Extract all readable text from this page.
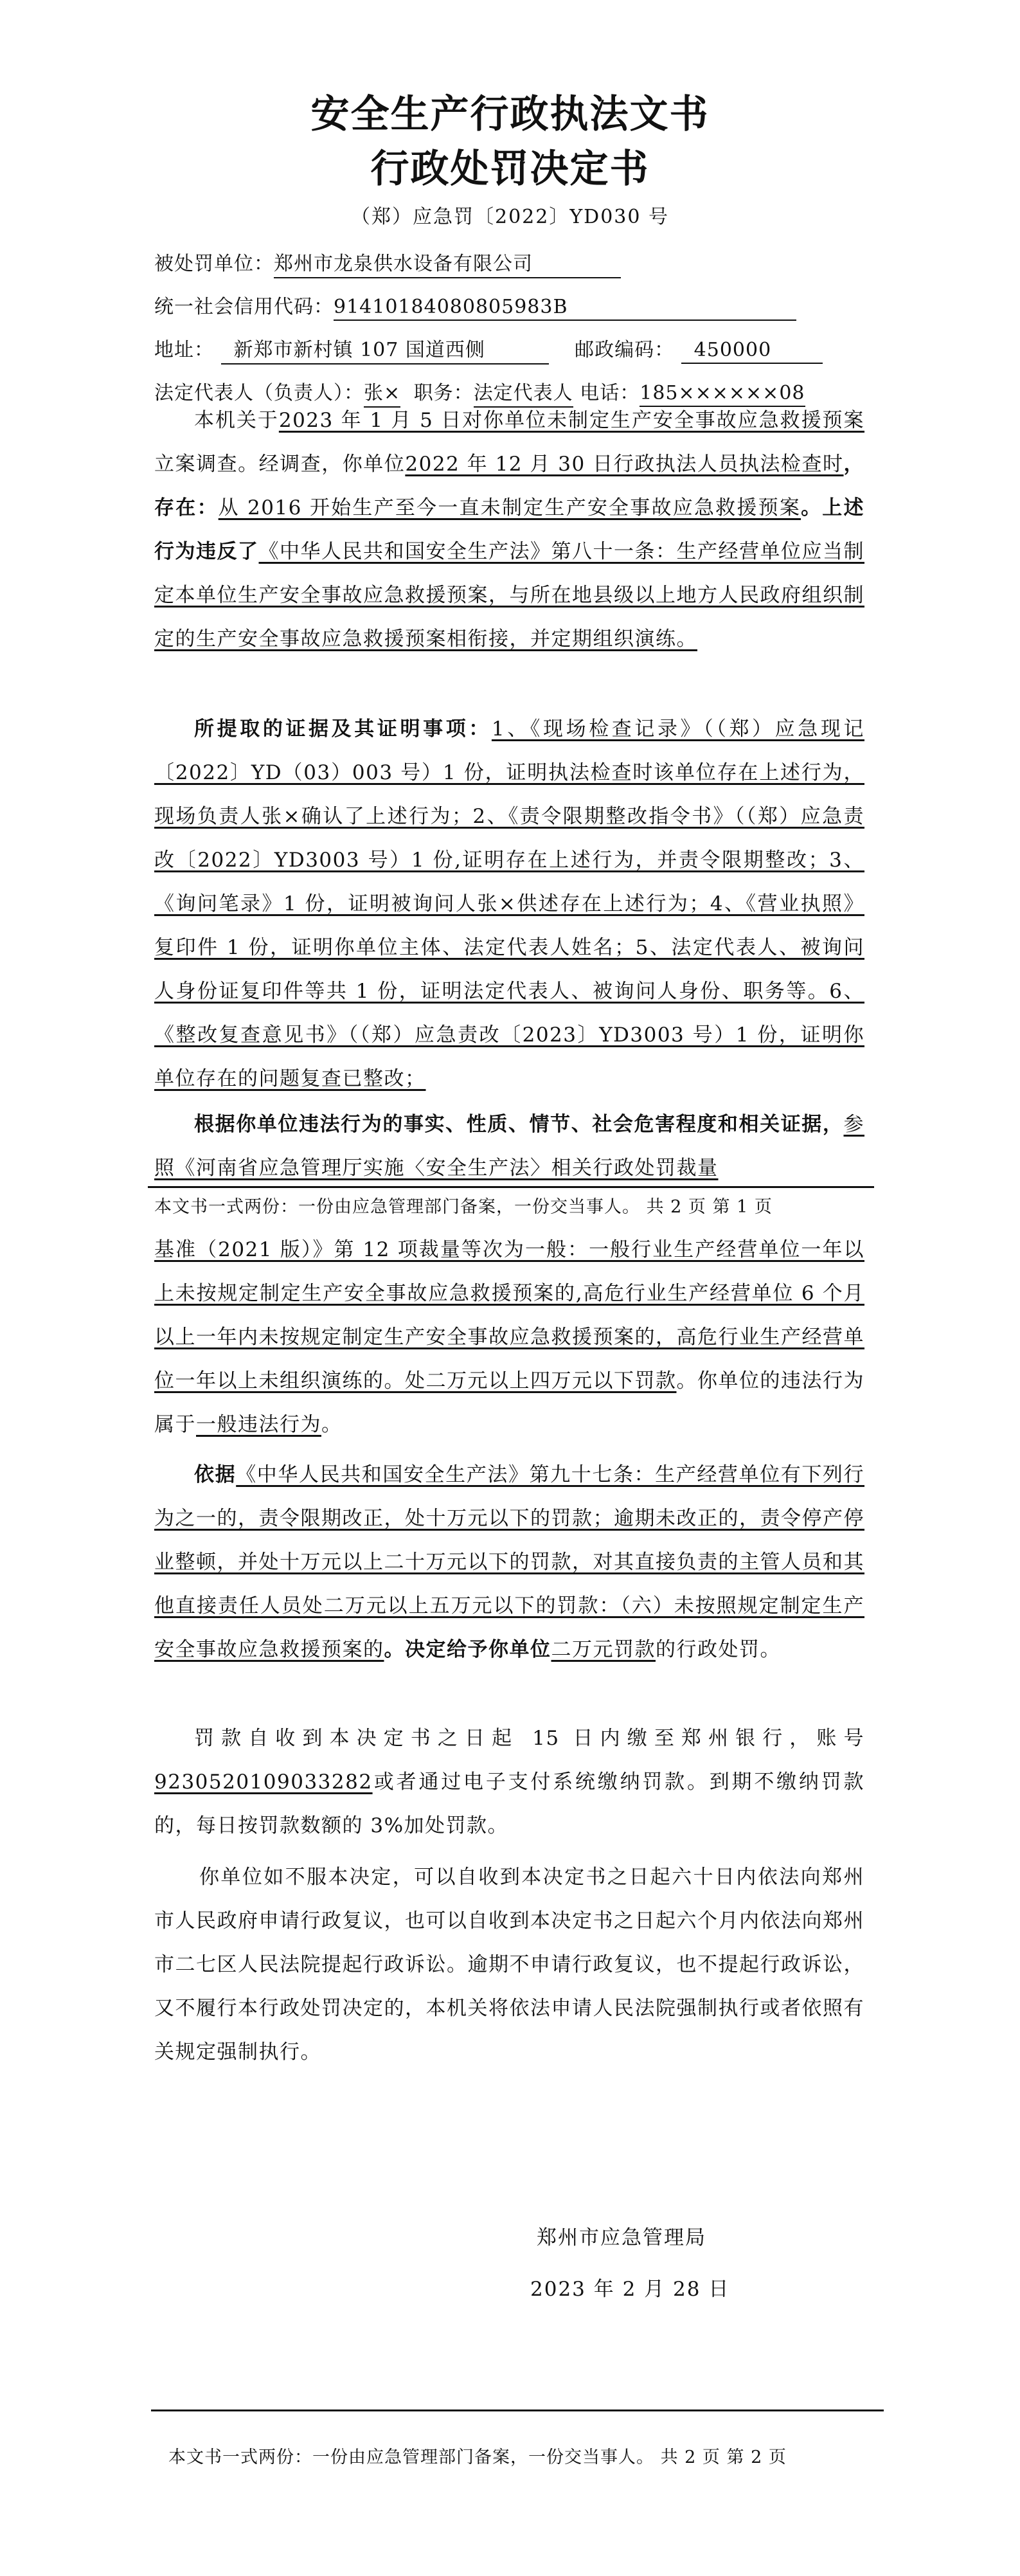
安全生产行政执法文书
行政处罚决定书
（郑）应急罚〔2022〕YD030 号
被处罚单位：郑州市龙泉供水设备有限公司
统一社会信用代码：91410184080805983B
地址： 新郑市新村镇 107 国道西侧	邮政编码： 450000
法定代表人（负责人）：张× 职务：法定代表人 电话：185××××××08

本机关于2023 年 1 月 5 日对你单位未制定生产安全事故应急救援预案立案调查。经调查，你单位2022 年 12 月 30 日行政执法人员执法检查时，存在：从 2016 开始生产至今一直未制定生产安全事故应急救援预案。上述行为违反了《中华人民共和国安全生产法》第八十一条：生产经营单位应当制定本单位生产安全事故应急救援预案，与所在地县级以上地方人民政府组织制定的生产安全事故应急救援预案相衔接，并定期组织演练。

所提取的证据及其证明事项：1、《现场检查记录》（（郑）应急现记〔2022〕YD（03）003 号）1 份，证明执法检查时该单位存在上述行为，现场负责人张×确认了上述行为；2、《责令限期整改指令书》（（郑）应急责改〔2022〕YD3003 号）1 份,证明存在上述行为，并责令限期整改；3、《询问笔录》1 份，证明被询问人张×供述存在上述行为；4、《营业执照》复印件 1 份，证明你单位主体、法定代表人姓名；5、法定代表人、被询问人身份证复印件等共 1 份，证明法定代表人、被询问人身份、职务等。6、《整改复查意见书》（（郑）应急责改〔2023〕YD3003 号）1 份，证明你单位存在的问题复查已整改；

根据你单位违法行为的事实、性质、情节、社会危害程度和相关证据，参照《河南省应急管理厅实施〈安全生产法〉相关行政处罚裁量

本文书一式两份：一份由应急管理部门备案，一份交当事人。 共 2 页 第 1 页

基准（2021 版）》第 12 项裁量等次为一般：一般行业生产经营单位一年以上未按规定制定生产安全事故应急救援预案的,高危行业生产经营单位 6 个月以上一年内未按规定制定生产安全事故应急救援预案的，高危行业生产经营单位一年以上未组织演练的。处二万元以上四万元以下罚款。你单位的违法行为属于一般违法行为。

依据《中华人民共和国安全生产法》第九十七条：生产经营单位有下列行为之一的，责令限期改正，处十万元以下的罚款；逾期未改正的，责令停产停业整顿，并处十万元以上二十万元以下的罚款，对其直接负责的主管人员和其他直接责任人员处二万元以上五万元以下的罚款：（六）未按照规定制定生产安全事故应急救援预案的。决定给予你单位二万元罚款的行政处罚。

罚款自收到本决定书之日起 15 日内缴至郑州银行，账号9230520109033282或者通过电子支付系统缴纳罚款。到期不缴纳罚款的，每日按罚款数额的 3%加处罚款。

你单位如不服本决定，可以自收到本决定书之日起六十日内依法向郑州市人民政府申请行政复议，也可以自收到本决定书之日起六个月内依法向郑州市二七区人民法院提起行政诉讼。逾期不申请行政复议，也不提起行政诉讼，又不履行本行政处罚决定的，本机关将依法申请人民法院强制执行或者依照有关规定强制执行。

郑州市应急管理局
2023 年 2 月 28 日
本文书一式两份：一份由应急管理部门备案，一份交当事人。 共 2 页 第 2 页
